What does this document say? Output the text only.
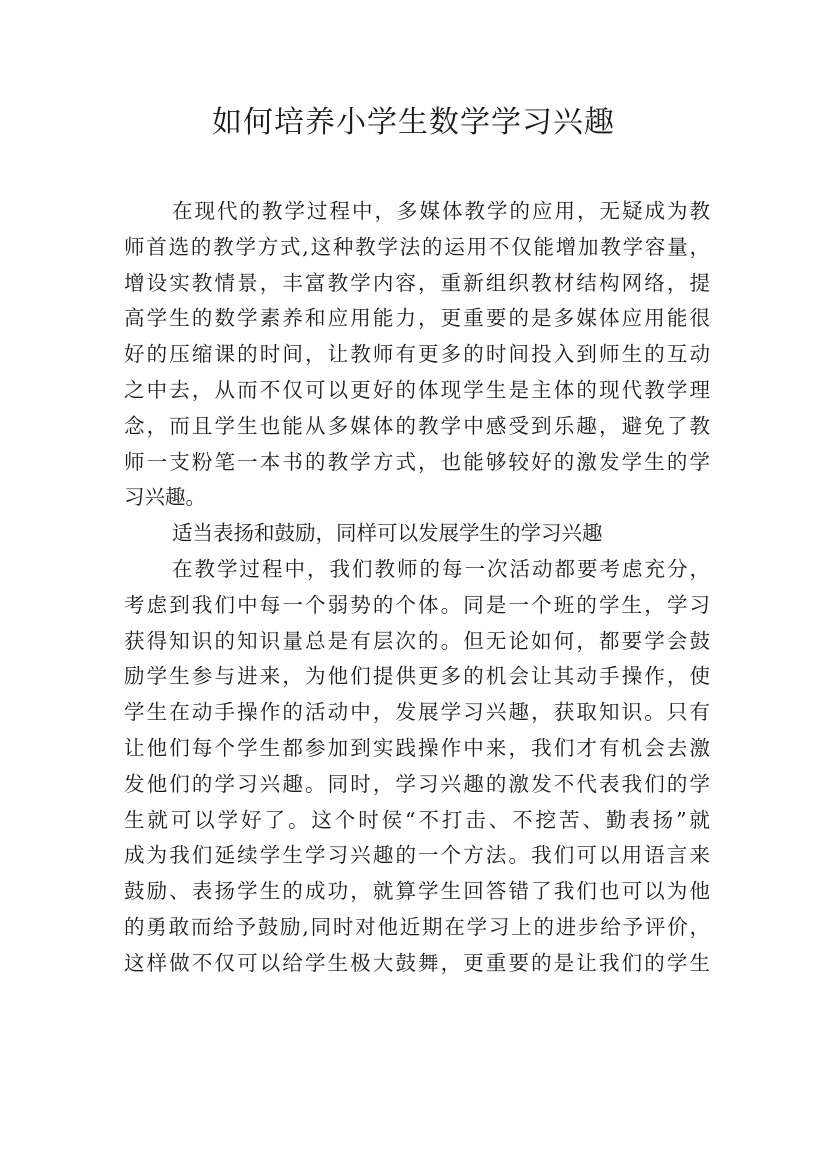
如何培养小学生数学学习兴趣
在现代的教学过程中，多媒体教学的应用，无疑成为教
师首选的教学方式,这种教学法的运用不仅能增加教学容量，
增设实教情景，丰富教学内容，重新组织教材结构网络，提
高学生的数学素养和应用能力，更重要的是多媒体应用能很
好的压缩课的时间，让教师有更多的时间投入到师生的互动
之中去，从而不仅可以更好的体现学生是主体的现代教学理
念，而且学生也能从多媒体的教学中感受到乐趣，避免了教
师一支粉笔一本书的教学方式，也能够较好的激发学生的学
习兴趣。
适当表扬和鼓励，同样可以发展学生的学习兴趣
在教学过程中，我们教师的每一次活动都要考虑充分，
考虑到我们中每一个弱势的个体。同是一个班的学生，学习
获得知识的知识量总是有层次的。但无论如何，都要学会鼓
励学生参与进来，为他们提供更多的机会让其动手操作，使
学生在动手操作的活动中，发展学习兴趣，获取知识。只有
让他们每个学生都参加到实践操作中来，我们才有机会去激
发他们的学习兴趣。同时，学习兴趣的激发不代表我们的学
生就可以学好了。这个时侯“不打击、不挖苦、勤表扬”就
成为我们延续学生学习兴趣的一个方法。我们可以用语言来
鼓励、表扬学生的成功，就算学生回答错了我们也可以为他
的勇敢而给予鼓励,同时对他近期在学习上的进步给予评价，
这样做不仅可以给学生极大鼓舞，更重要的是让我们的学生
